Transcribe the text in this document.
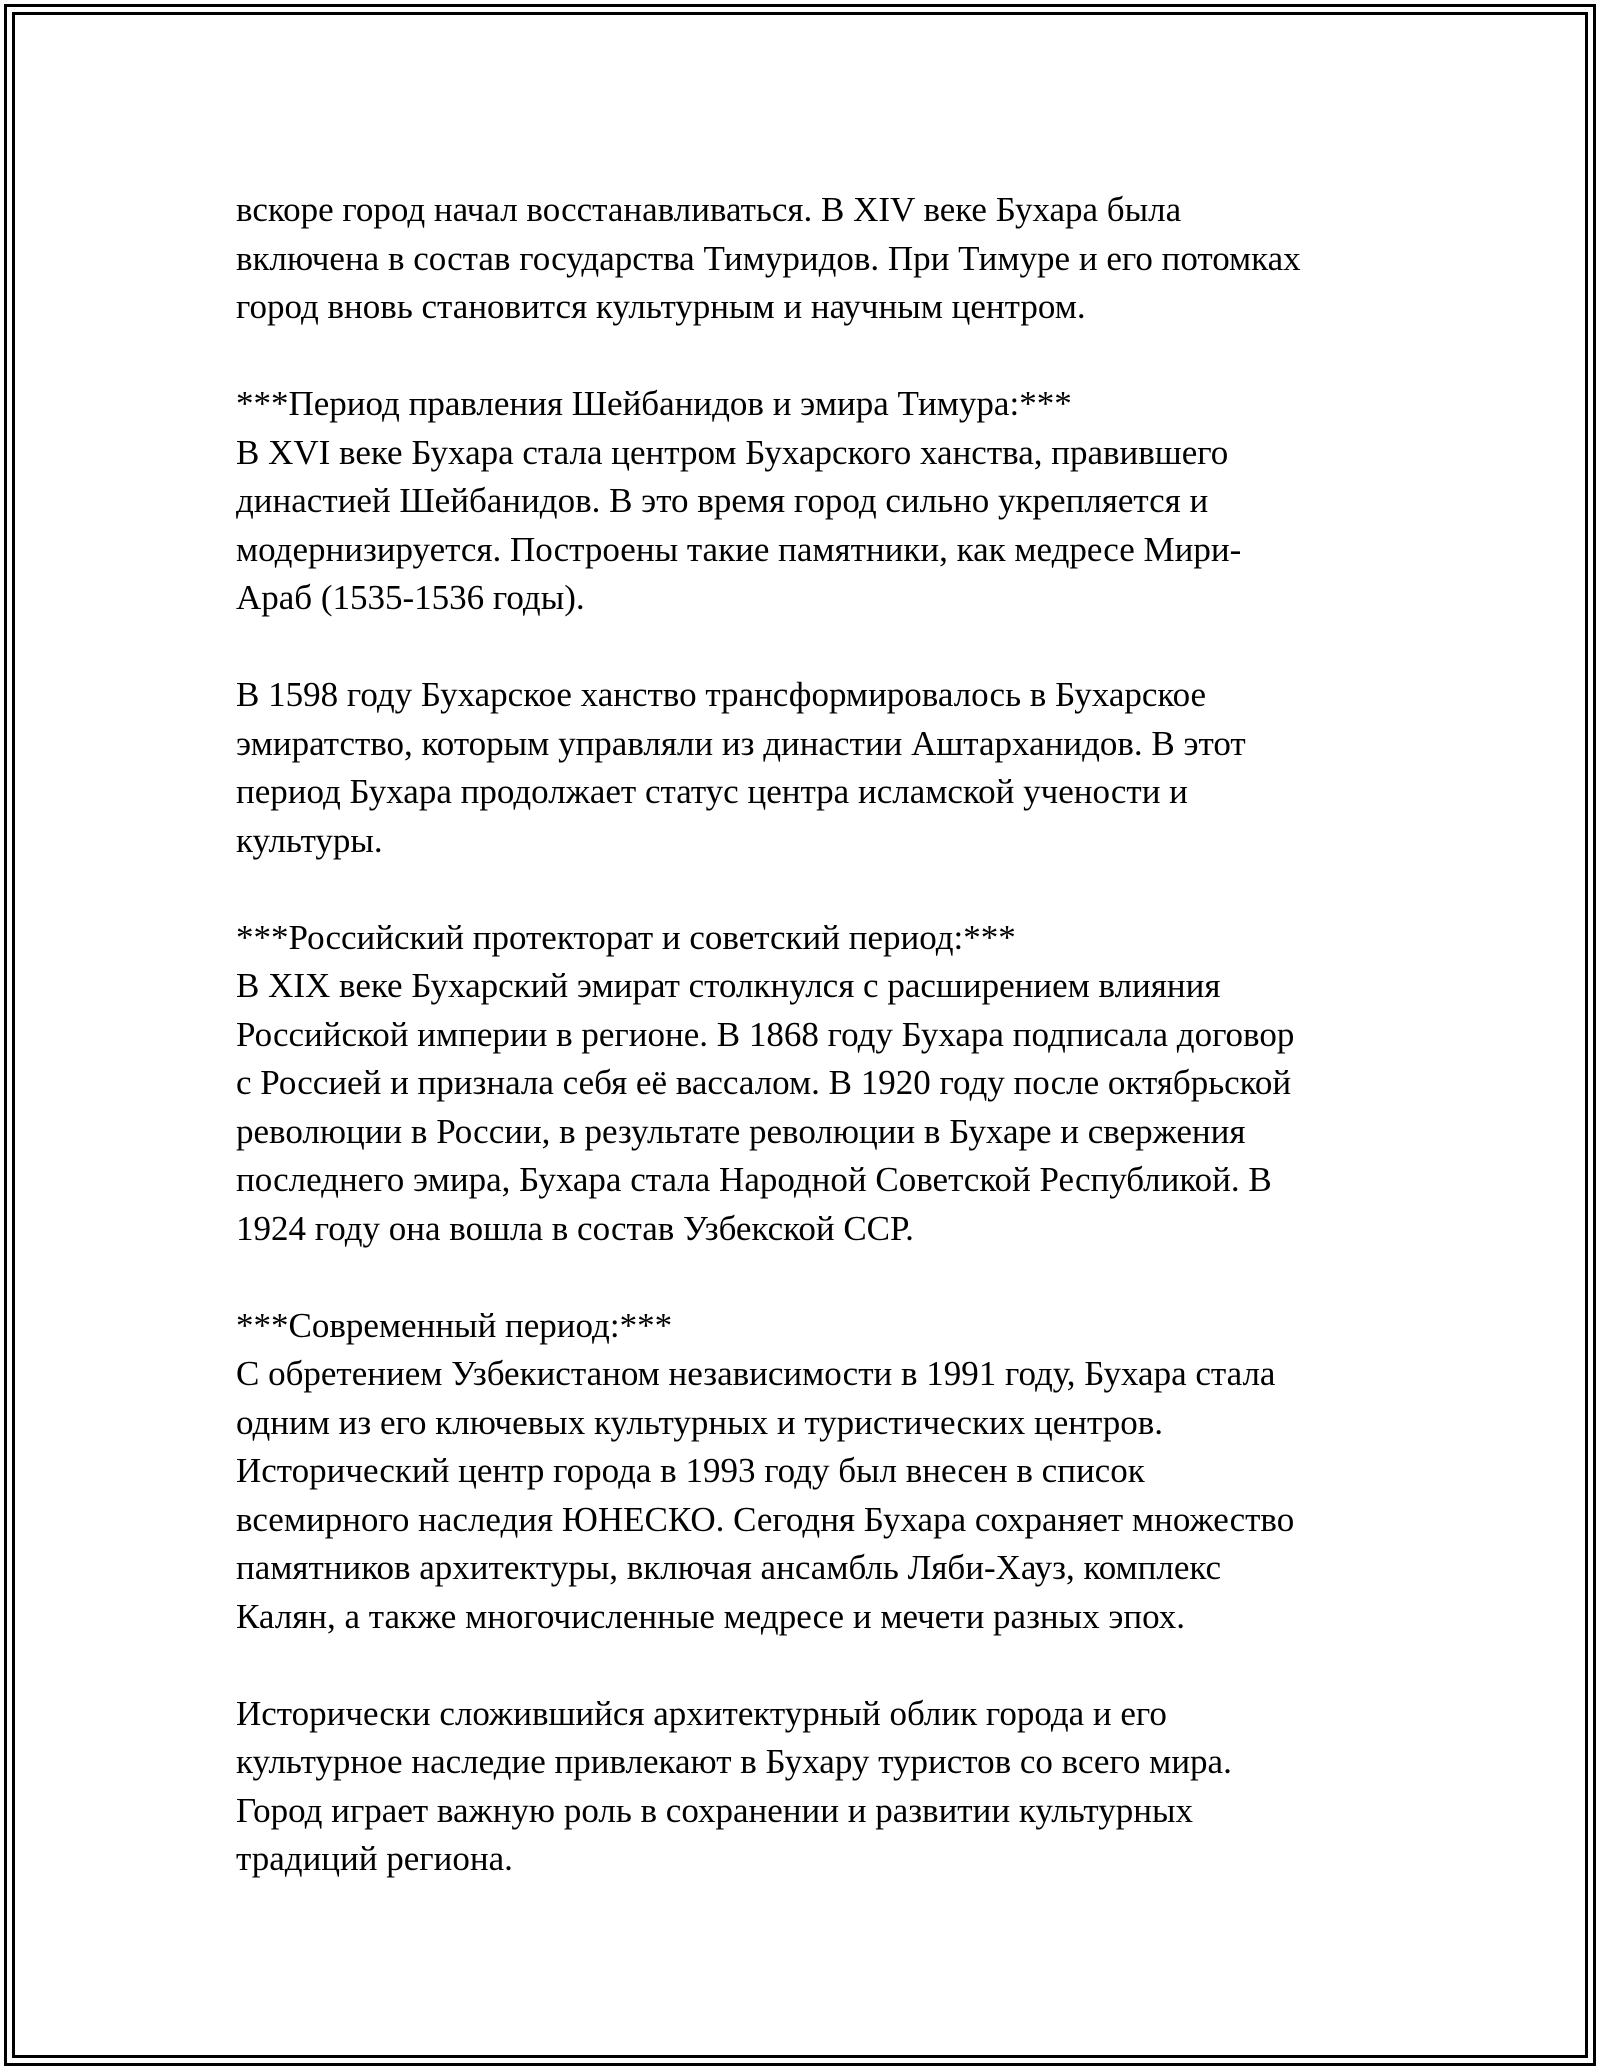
вскоре город начал восстанавливаться. В XIV веке Бухара была
включена в состав государства Тимуридов. При Тимуре и его потомках
город вновь становится культурным и научным центром.
***Период правления Шейбанидов и эмира Тимура:***
В XVI веке Бухара стала центром Бухарского ханства, правившего
династией Шейбанидов. В это время город сильно укрепляется и
модернизируется. Построены такие памятники, как медресе Мири-
Араб (1535-1536 годы).
В 1598 году Бухарское ханство трансформировалось в Бухарское
эмиратство, которым управляли из династии Аштарханидов. В этот
период Бухара продолжает статус центра исламской учености и
культуры.
***Российский протекторат и советский период:***
В XIX веке Бухарский эмират столкнулся с расширением влияния
Российской империи в регионе. В 1868 году Бухара подписала договор
с Россией и признала себя её вассалом. В 1920 году после октябрьской
революции в России, в результате революции в Бухаре и свержения
последнего эмира, Бухара стала Народной Советской Республикой. В
1924 году она вошла в состав Узбекской ССР.
***Современный период:***
С обретением Узбекистаном независимости в 1991 году, Бухара стала
одним из его ключевых культурных и туристических центров.
Исторический центр города в 1993 году был внесен в список
всемирного наследия ЮНЕСКО. Сегодня Бухара сохраняет множество
памятников архитектуры, включая ансамбль Ляби-Хауз, комплекс
Калян, а также многочисленные медресе и мечети разных эпох.
Исторически сложившийся архитектурный облик города и его
культурное наследие привлекают в Бухару туристов со всего мира.
Город играет важную роль в сохранении и развитии культурных
традиций региона.
